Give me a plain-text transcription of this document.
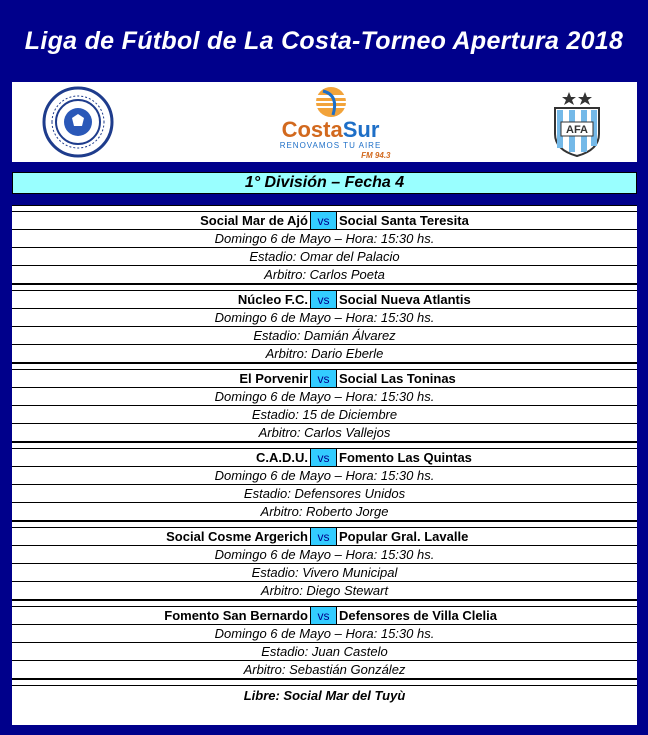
Liga de Fútbol de La Costa-Torneo Apertura 2018
CostaSur
RENOVAMOS TU AIRE
FM 94.3
AFA
1° División – Fecha 4
Social Mar de Ajó vs Social Santa Teresita
Domingo 6 de Mayo – Hora: 15:30 hs.
Estadio: Omar del Palacio
Arbitro: Carlos Poeta
Núcleo F.C. vs Social Nueva Atlantis
Domingo 6 de Mayo – Hora: 15:30 hs.
Estadio: Damián Álvarez
Arbitro: Dario Eberle
El Porvenir vs Social Las Toninas
Domingo 6 de Mayo – Hora: 15:30 hs.
Estadio: 15 de Diciembre
Arbitro: Carlos Vallejos
C.A.D.U. vs Fomento Las Quintas
Domingo 6 de Mayo – Hora: 15:30 hs.
Estadio: Defensores Unidos
Arbitro: Roberto Jorge
Social Cosme Argerich vs Popular Gral. Lavalle
Domingo 6 de Mayo – Hora: 15:30 hs.
Estadio: Vivero Municipal
Arbitro: Diego Stewart
Fomento San Bernardo vs Defensores de Villa Clelia
Domingo 6 de Mayo – Hora: 15:30 hs.
Estadio: Juan Castelo
Arbitro: Sebastián González
Libre: Social Mar del Tuyù
